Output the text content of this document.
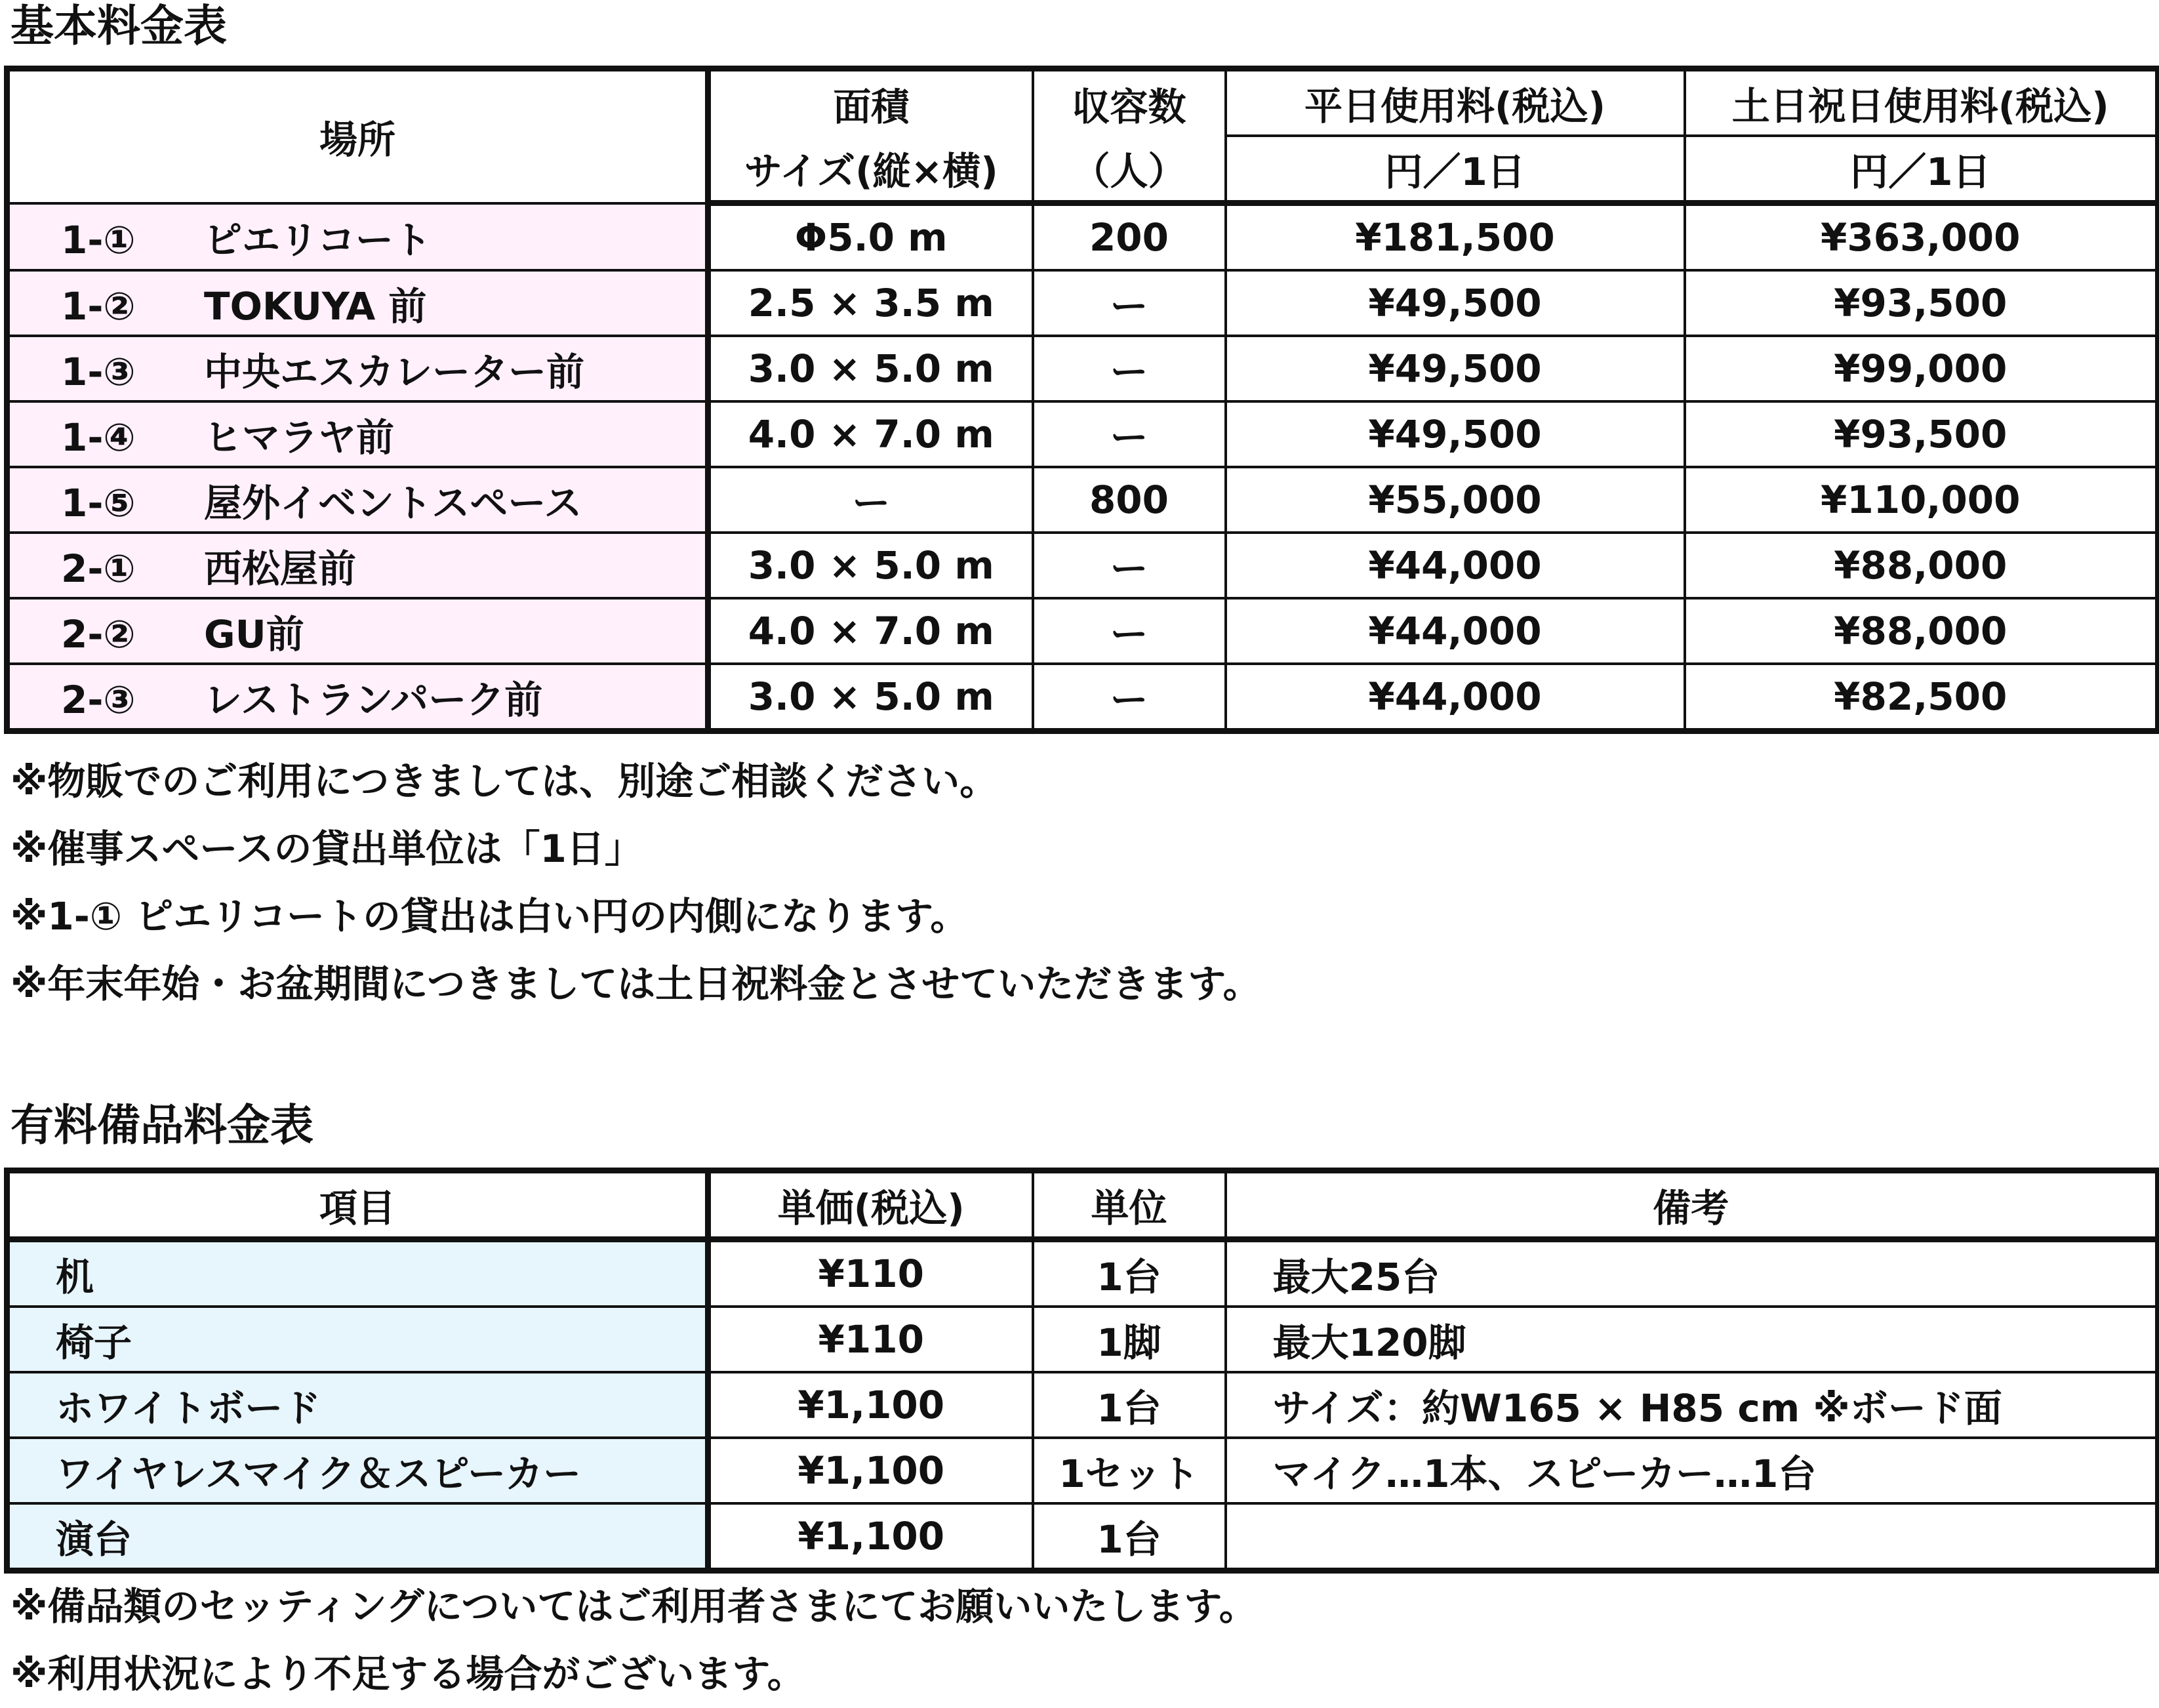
基本料金表
場所	面積	収容数	平日使用料(税込)	土日祝日使用料(税込)
	サイズ(縦×横)	（人）	円／1日	円／1日
1-① ピエリコート	Φ5.0 m	200	¥181,500	¥363,000
1-② TOKUYA 前	2.5 × 3.5 m	ー	¥49,500	¥93,500
1-③ 中央エスカレーター前	3.0 × 5.0 m	ー	¥49,500	¥99,000
1-④ ヒマラヤ前	4.0 × 7.0 m	ー	¥49,500	¥93,500
1-⑤ 屋外イベントスペース	ー	800	¥55,000	¥110,000
2-① 西松屋前	3.0 × 5.0 m	ー	¥44,000	¥88,000
2-② GU前	4.0 × 7.0 m	ー	¥44,000	¥88,000
2-③ レストランパーク前	3.0 × 5.0 m	ー	¥44,000	¥82,500
※物販でのご利用につきましては、別途ご相談ください。
※催事スペースの貸出単位は「1日」
※1-① ピエリコートの貸出は白い円の内側になります。
※年末年始・お盆期間につきましては土日祝料金とさせていただきます。
有料備品料金表
項目	単価(税込)	単位	備考
机	¥110	1台	最大25台
椅子	¥110	1脚	最大120脚
ホワイトボード	¥1,100	1台	サイズ：約W165 × H85 cm ※ボード面
ワイヤレスマイク＆スピーカー	¥1,100	1セット	マイク…1本、スピーカー…1台
演台	¥1,100	1台	
※備品類のセッティングについてはご利用者さまにてお願いいたします。
※利用状況により不足する場合がございます。
